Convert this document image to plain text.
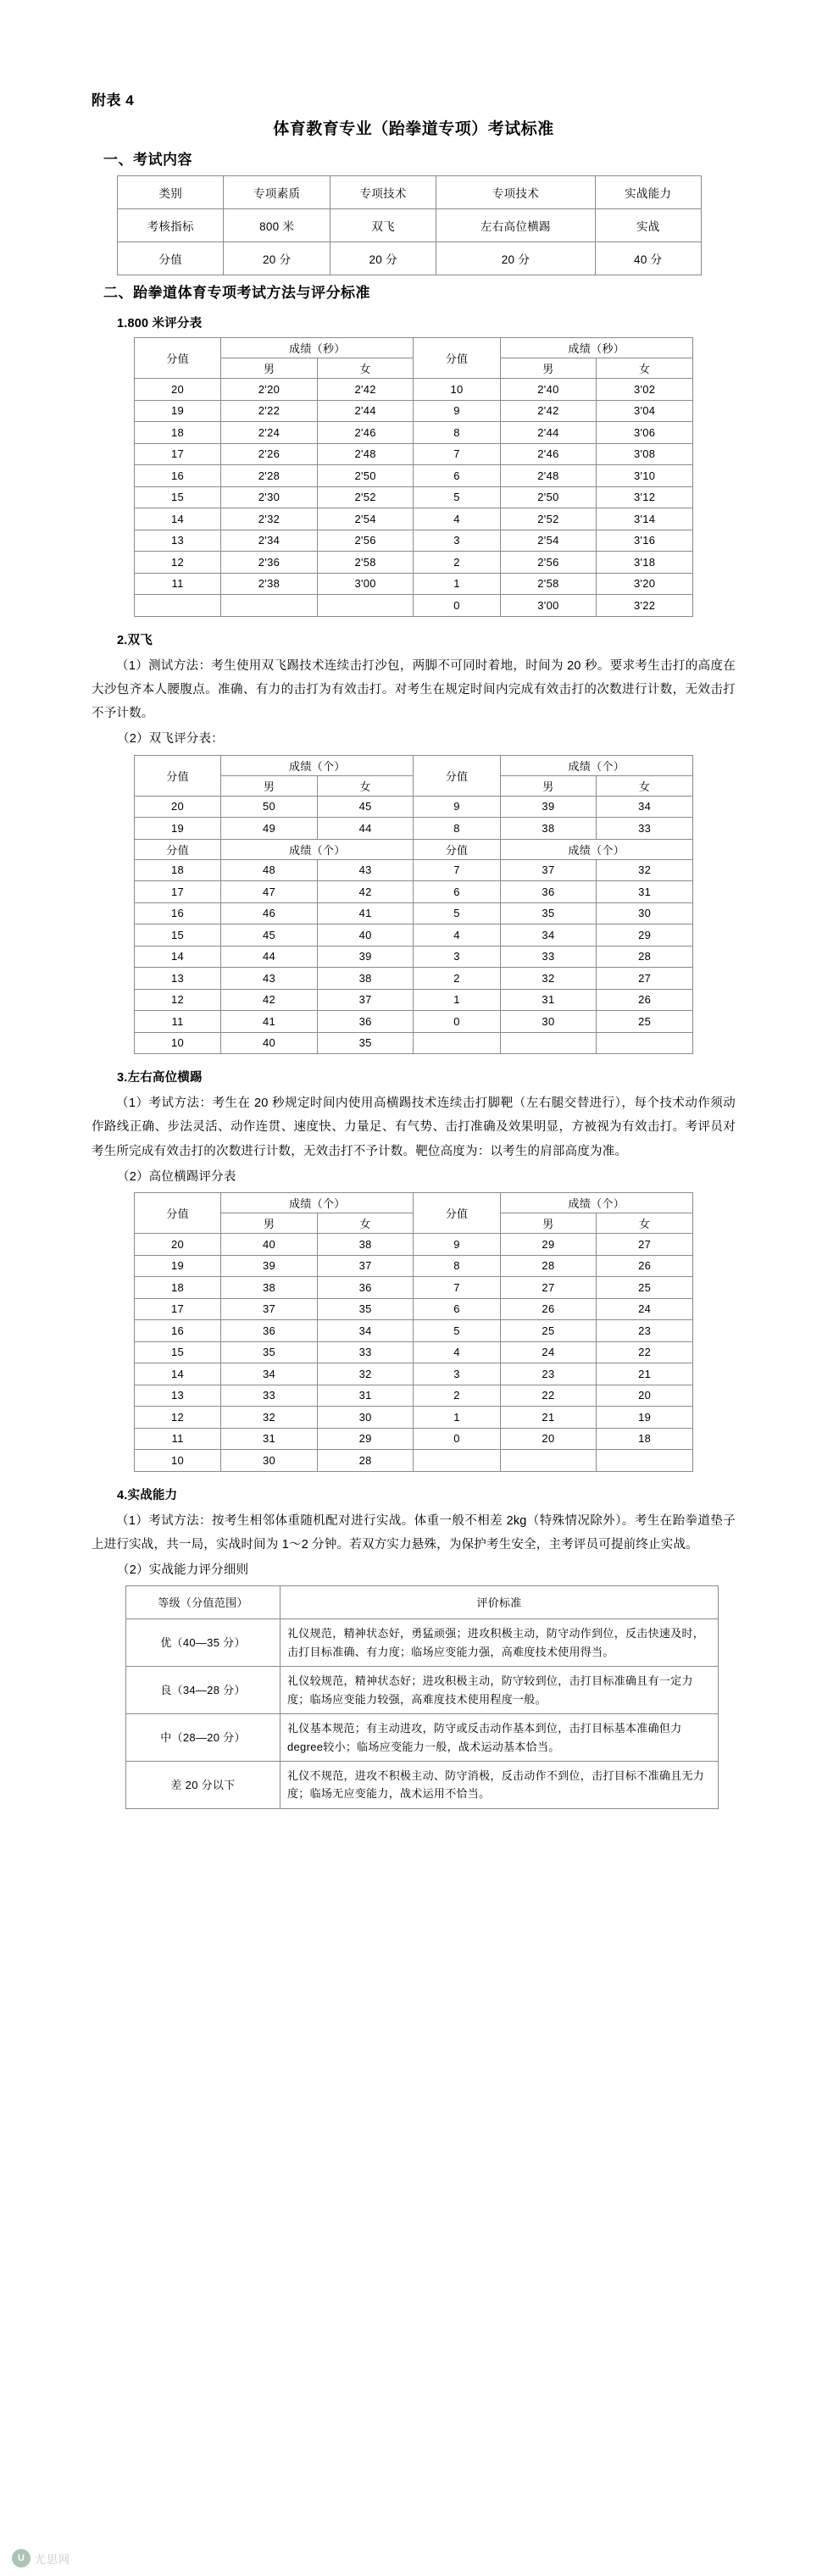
附表 4
体育教育专业（跆拳道专项）考试标准
一、考试内容
类别	专项素质	专项技术	专项技术	实战能力
考核指标	800 米	双飞	左右高位横踢	实战
分值	20 分	20 分	20 分	40 分
二、跆拳道体育专项考试方法与评分标准
1.800 米评分表
分值	成绩（秒）		分值	成绩（秒）	
	男	女		男	女
20	2'20	2'42	10	2'40	3'02
19	2'22	2'44	9	2'42	3'04
18	2'24	2'46	8	2'44	3'06
17	2'26	2'48	7	2'46	3'08
16	2'28	2'50	6	2'48	3'10
15	2'30	2'52	5	2'50	3'12
14	2'32	2'54	4	2'52	3'14
13	2'34	2'56	3	2'54	3'16
12	2'36	2'58	2	2'56	3'18
11	2'38	3'00	1	2'58	3'20
			0	3'00	3'22
2.双飞

（1）测试方法：考生使用双飞踢技术连续击打沙包，两脚不可同时着地，时间为 20 秒。要求考生击打的高度在大沙包齐本人腰腹点。准确、有力的击打为有效击打。对考生在规定时间内完成有效击打的次数进行计数，无效击打不予计数。

（2）双飞评分表：
分值	成绩（个）		分值	成绩（个）	
	男	女		男	女
20	50	45	9	39	34
19	49	44	8	38	33
分值	成绩（个）		分值	成绩（个）	
18	48	43	7	37	32
17	47	42	6	36	31
16	46	41	5	35	30
15	45	40	4	34	29
14	44	39	3	33	28
13	43	38	2	32	27
12	42	37	1	31	26
11	41	36	0	30	25
10	40	35			
3.左右高位横踢

（1）考试方法：考生在 20 秒规定时间内使用高横踢技术连续击打脚靶（左右腿交替进行），每个技术动作须动作路线正确、步法灵活、动作连贯、速度快、力量足、有气势、击打准确及效果明显，方被视为有效击打。考评员对考生所完成有效击打的次数进行计数，无效击打不予计数。靶位高度为：以考生的肩部高度为准。

（2）高位横踢评分表
分值	成绩（个）		分值	成绩（个）	
	男	女		男	女
20	40	38	9	29	27
19	39	37	8	28	26
18	38	36	7	27	25
17	37	35	6	26	24
16	36	34	5	25	23
15	35	33	4	24	22
14	34	32	3	23	21
13	33	31	2	22	20
12	32	30	1	21	19
11	31	29	0	20	18
10	30	28			
4.实战能力

（1）考试方法：按考生相邻体重随机配对进行实战。体重一般不相差 2kg（特殊情况除外）。考生在跆拳道垫子上进行实战，共一局，实战时间为 1～2 分钟。若双方实力悬殊，为保护考生安全，主考评员可提前终止实战。

（2）实战能力评分细则
等级（分值范围）	评价标准
优（40—35 分）	礼仪规范，精神状态好，勇猛顽强；进攻积极主动，防守动作到位，反击快速及时，击打目标准确、有力度；临场应变能力强，高难度技术使用得当。
良（34—28 分）	礼仪较规范，精神状态好；进攻积极主动，防守较到位，击打目标准确且有一定力度；临场应变能力较强，高难度技术使用程度一般。
中（28—20 分）	礼仪基本规范；有主动进攻，防守或反击动作基本到位，击打目标基本准确但力degree较小；临场应变能力一般，战术运动基本恰当。
差 20 分以下	礼仪不规范，进攻不积极主动、防守消极，反击动作不到位，击打目标不准确且无力度；临场无应变能力，战术运用不恰当。
U 尤思网
